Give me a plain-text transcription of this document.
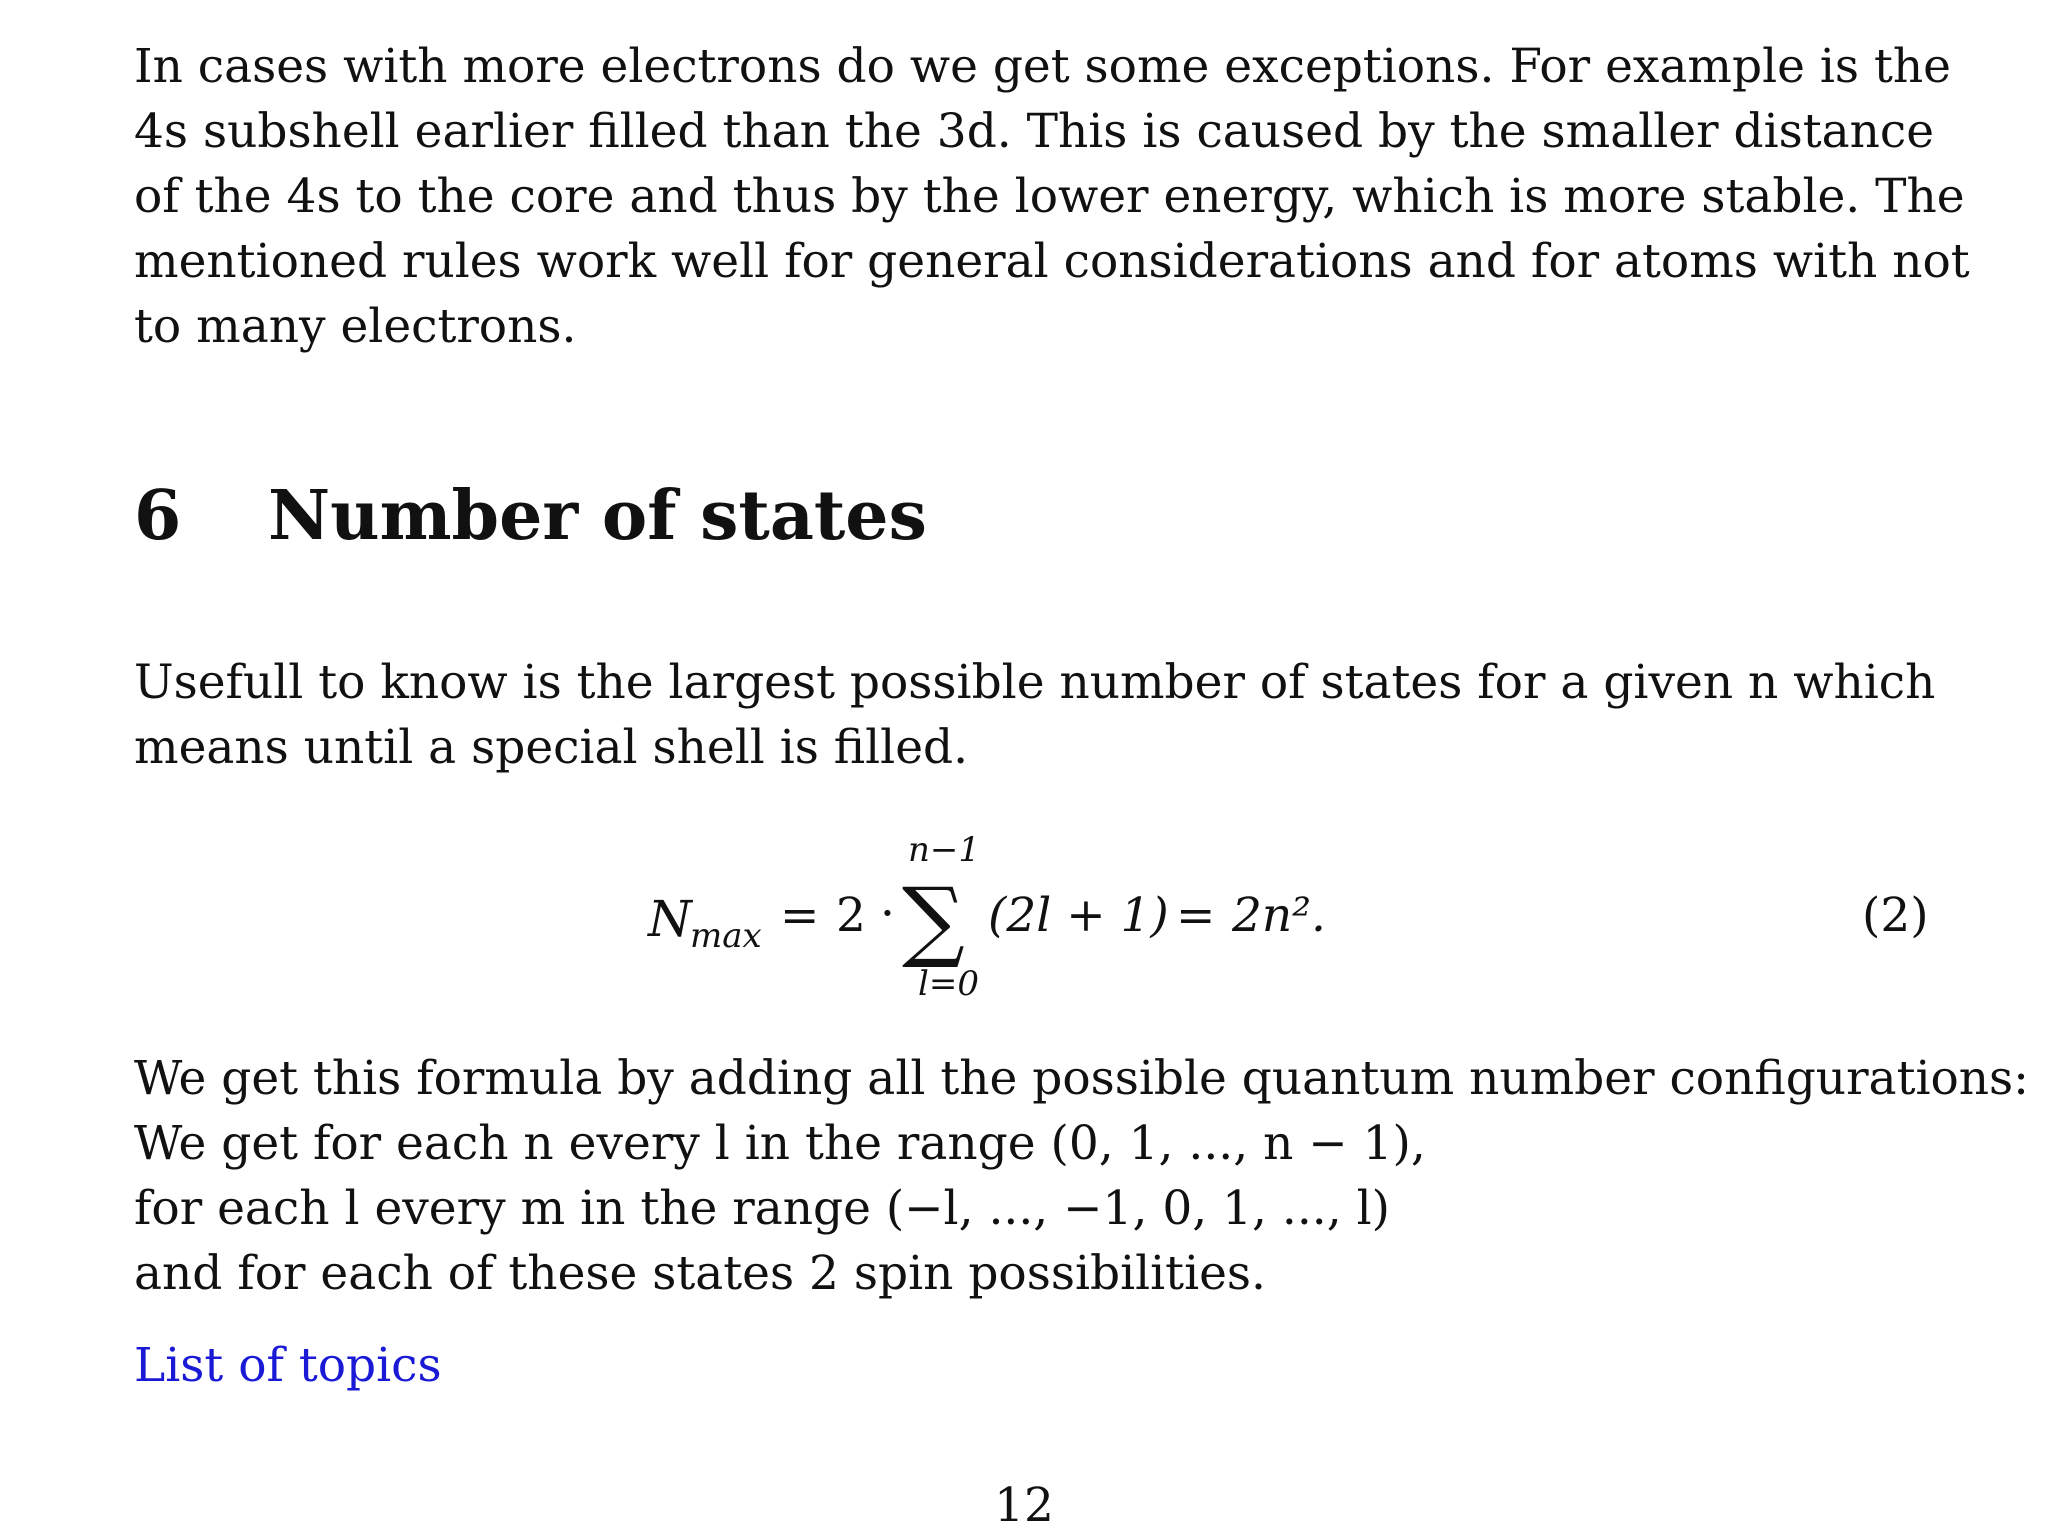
In cases with more electrons do we get some exceptions. For example is the
4s subshell earlier filled than the 3d. This is caused by the smaller distance
of the 4s to the core and thus by the lower energy, which is more stable. The
mentioned rules work well for general considerations and for atoms with not
to many electrons.
6 Number of states
Usefull to know is the largest possible number of states for a given n which
means until a special shell is filled.
N
max = 2 ·
n−1
∑
l=0
(2l + 1) = 2n².	(2)
We get this formula by adding all the possible quantum number configurations:
We get for each n every l in the range (0, 1, ..., n − 1),
for each l every m in the range (−l, ..., −1, 0, 1, ..., l)
and for each of these states 2 spin possibilities.
List of topics

12
